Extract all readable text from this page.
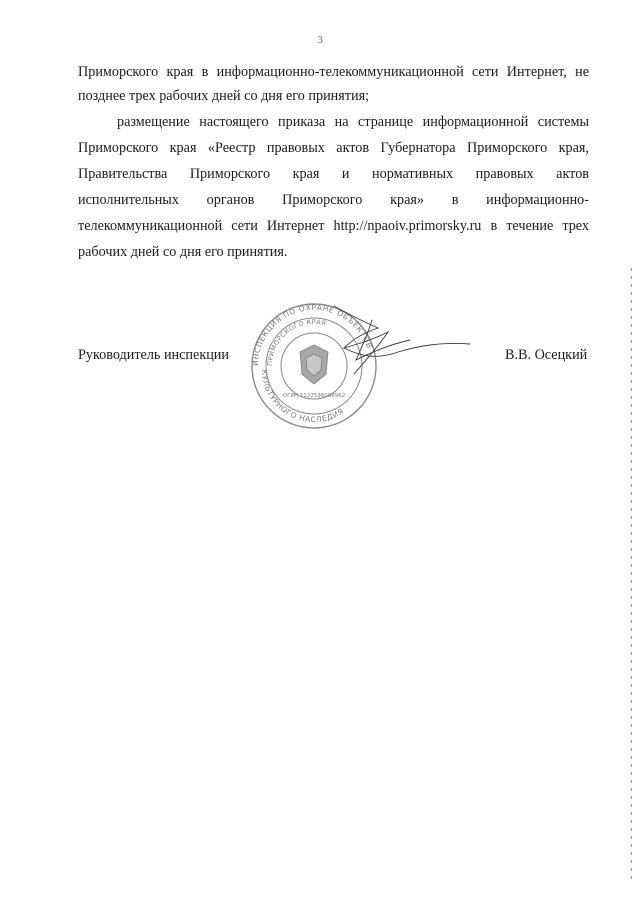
3
Приморского края в информационно-телекоммуникационной сети Интернет, не
позднее трех рабочих дней со дня его принятия;
размещение настоящего приказа на странице информационной системы
Приморского края «Реестр правовых актов Губернатора Приморского края,
Правительства Приморского края и нормативных правовых актов
исполнительных органов Приморского края» в информационно-
телекоммуникационной сети Интернет http://npaoiv.primorsky.ru в течение трех
рабочих дней со дня его принятия.
Руководитель инспекции	ИНСПЕКЦИЯ ПО ОХРАНЕ ОБЪЕКТОВ
КУЛЬТУРНОГО НАСЛЕДИЯ
ПРИМОРСКОГО КРАЯ
ОГРН 1122536008962
В.В. Осецкий
